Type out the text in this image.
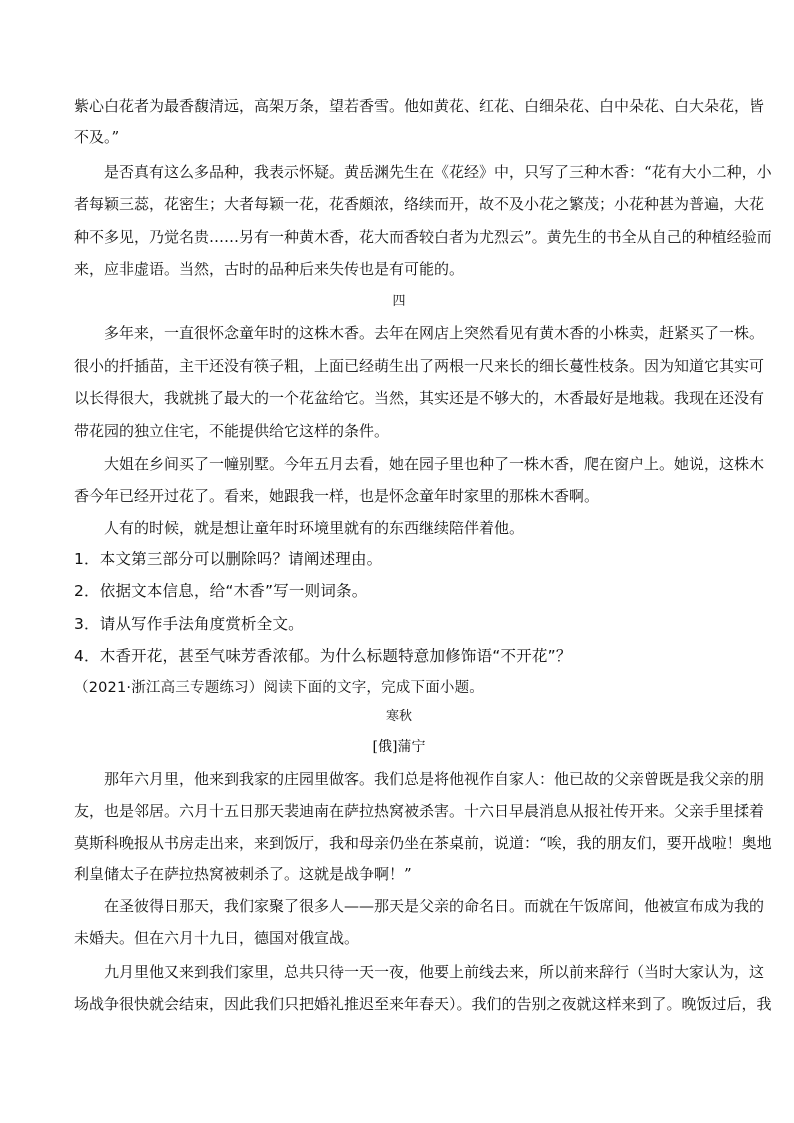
紫心白花者为最香馥清远，高架万条，望若香雪。他如黄花、红花、白细朵花、白中朵花、白大朵花，皆
不及。”
是否真有这么多品种，我表示怀疑。黄岳渊先生在《花经》中，只写了三种木香：“花有大小二种，小
者每颖三蕊，花密生；大者每颖一花，花香頗浓，络续而开，故不及小花之繁茂；小花种甚为普遍，大花
种不多见，乃觉名贵……另有一种黄木香，花大而香较白者为尤烈云”。黄先生的书全从自己的种植经验而
来，应非虚语。当然，古时的品种后来失传也是有可能的。
四
多年来，一直很怀念童年时的这株木香。去年在网店上突然看见有黄木香的小株卖，赶紧买了一株。
很小的扦插苗，主干还没有筷子粗，上面已经萌生出了两根一尺来长的细长蔓性枝条。因为知道它其实可
以长得很大，我就挑了最大的一个花盆给它。当然，其实还是不够大的，木香最好是地栽。我现在还没有
带花园的独立住宅，不能提供给它这样的条件。
大姐在乡间买了一幢别墅。今年五月去看，她在园子里也种了一株木香，爬在窗户上。她说，这株木
香今年已经开过花了。看来，她跟我一样，也是怀念童年时家里的那株木香啊。
人有的时候，就是想让童年时环境里就有的东西继续陪伴着他。
1．本文第三部分可以删除吗？请阐述理由。
2．依据文本信息，给“木香”写一则词条。
3．请从写作手法角度赏析全文。
4．木香开花，甚至气味芳香浓郁。为什么标题特意加修饰语“不开花”？
（2021·浙江高三专题练习）阅读下面的文字，完成下面小题。
寒秋
[俄]蒲宁
那年六月里，他来到我家的庄园里做客。我们总是将他视作自家人：他已故的父亲曾既是我父亲的朋
友，也是邻居。六月十五日那天裴迪南在萨拉热窝被杀害。十六日早晨消息从报社传开来。父亲手里揉着
莫斯科晚报从书房走出来，来到饭厅，我和母亲仍坐在茶桌前，说道：“唉，我的朋友们，要开战啦！奥地
利皇储太子在萨拉热窝被刺杀了。这就是战争啊！”
在圣彼得日那天，我们家聚了很多人——那天是父亲的命名日。而就在午饭席间，他被宣布成为我的
未婚夫。但在六月十九日，德国对俄宣战。
九月里他又来到我们家里，总共只待一天一夜，他要上前线去来，所以前来辞行（当时大家认为，这
场战争很快就会结束，因此我们只把婚礼推迟至来年春天）。我们的告别之夜就这样来到了。晚饭过后，我
